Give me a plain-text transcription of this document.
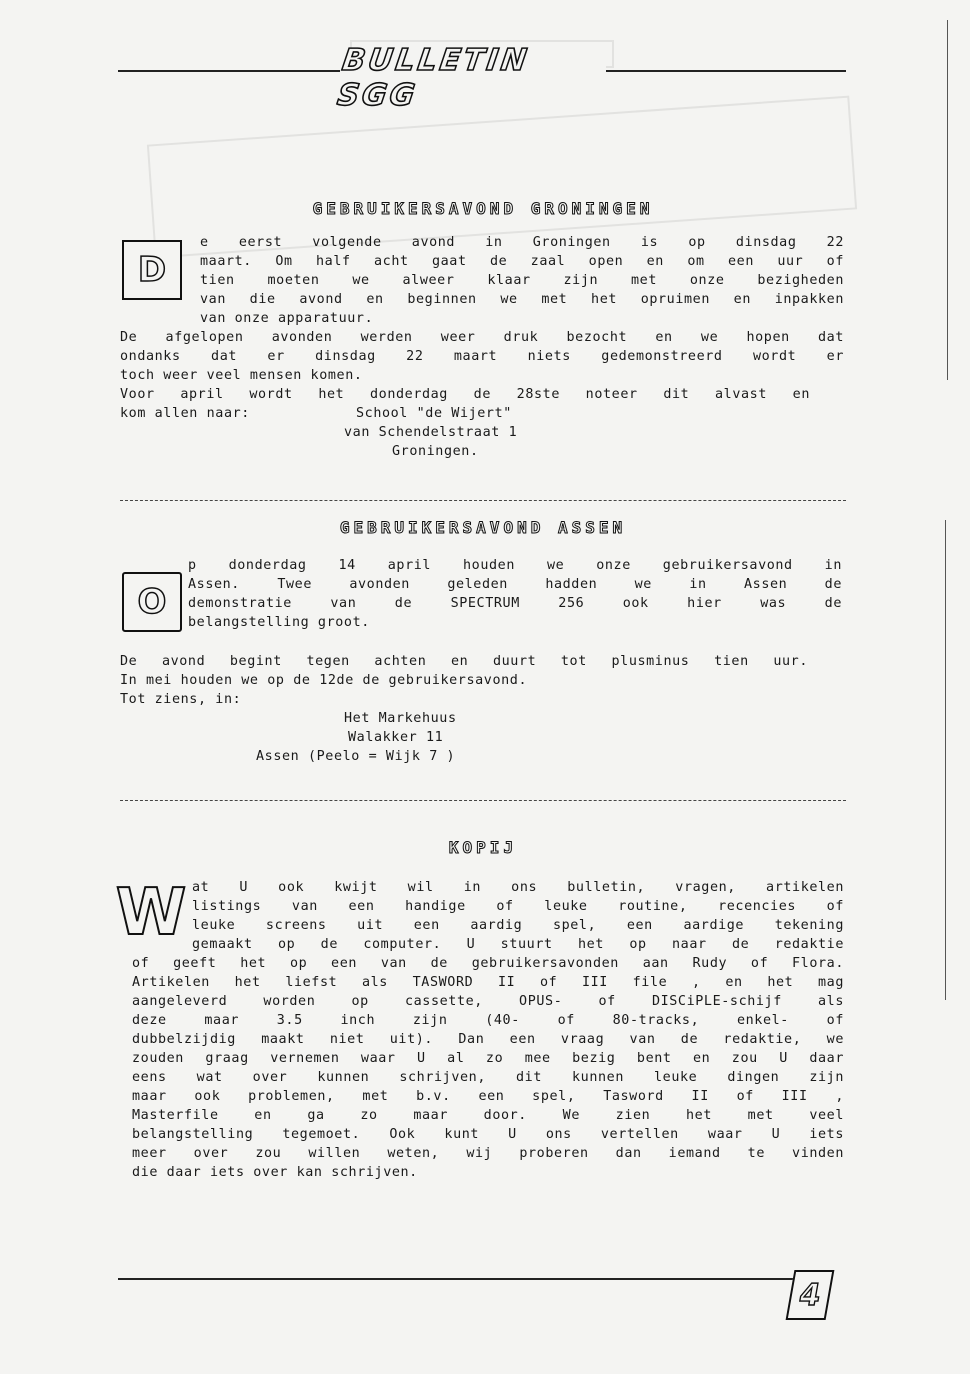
BULLETIN SGG
GEBRUIKERSAVOND GRONINGEN
D
e eerst volgende avond in Groningen is op dinsdag 22
maart. Om half acht gaat de zaal open en om een uur of
tien moeten we alweer klaar zijn met onze bezigheden
van die avond en beginnen we met het opruimen en inpakken
van onze apparatuur.
De afgelopen avonden werden weer druk bezocht en we hopen dat
ondanks dat er dinsdag 22 maart niets gedemonstreerd wordt er
toch weer veel mensen komen.
Voor april wordt het donderdag de 28ste noteer dit alvast en
kom allen naar:	School "de Wijert"
van Schendelstraat 1
Groningen.
GEBRUIKERSAVOND ASSEN
O
p donderdag 14 april houden we onze gebruikersavond in
Assen. Twee avonden geleden hadden we in Assen de
demonstratie van de SPECTRUM 256 ook hier was de
belangstelling groot.
De avond begint tegen achten en duurt tot plusminus tien uur.
In mei houden we op de 12de de gebruikersavond.
Tot ziens, in:
Het Markehuus
Walakker 11
Assen (Peelo = Wijk 7 )
KOPIJ
W at U ook kwijt wil in ons bulletin, vragen, artikelen
listings van een handige of leuke routine, recencies of
leuke screens uit een aardig spel, een aardige tekening
gemaakt op de computer. U stuurt het op naar de redaktie
of geeft het op een van de gebruikersavonden aan Rudy of Flora.
Artikelen het liefst als TASWORD II of III file , en het mag
aangeleverd worden op cassette, OPUS- of DISCiPLE-schijf als
deze maar 3.5 inch zijn (40- of 80-tracks, enkel- of
dubbelzijdig maakt niet uit). Dan een vraag van de redaktie, we
zouden graag vernemen waar U al zo mee bezig bent en zou U daar
eens wat over kunnen schrijven, dit kunnen leuke dingen zijn
maar ook problemen, met b.v. een spel, Tasword II of III ,
Masterfile en ga zo maar door. We zien het met veel
belangstelling tegemoet. Ook kunt U ons vertellen waar U iets
meer over zou willen weten, wij proberen dan iemand te vinden
die daar iets over kan schrijven.
4
